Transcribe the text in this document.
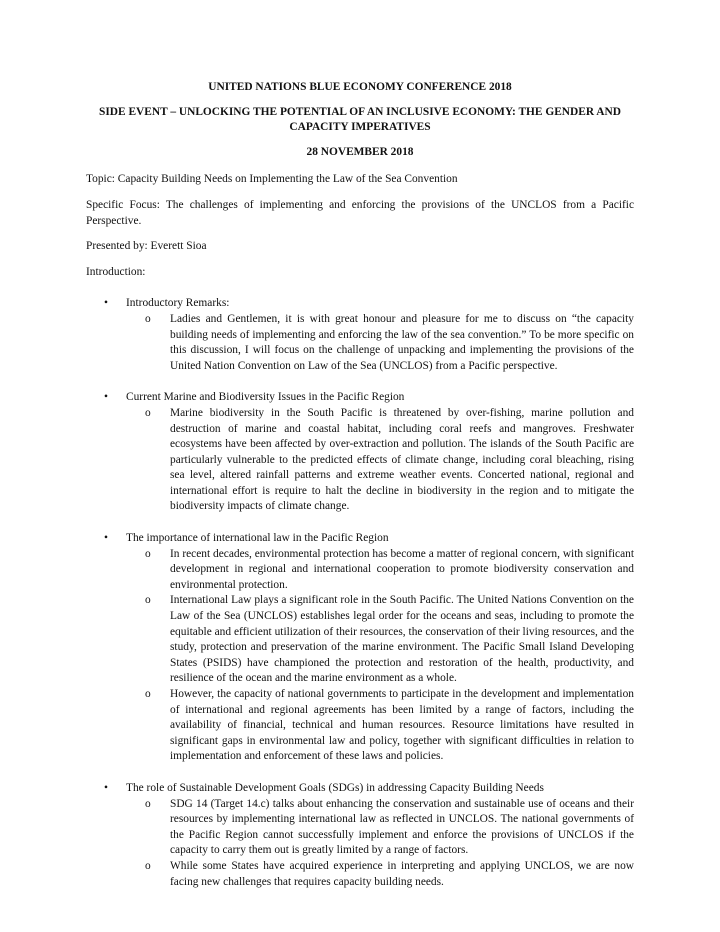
UNITED NATIONS BLUE ECONOMY CONFERENCE 2018
SIDE EVENT – UNLOCKING THE POTENTIAL OF AN INCLUSIVE ECONOMY: THE GENDER AND CAPACITY IMPERATIVES
28 NOVEMBER 2018
Topic: Capacity Building Needs on Implementing the Law of the Sea Convention
Specific Focus: The challenges of implementing and enforcing the provisions of the UNCLOS from a Pacific Perspective.
Presented by: Everett Sioa
Introduction:
• Introductory Remarks:
o Ladies and Gentlemen, it is with great honour and pleasure for me to discuss on “the capacity building needs of implementing and enforcing the law of the sea convention.” To be more specific on this discussion, I will focus on the challenge of unpacking and implementing the provisions of the United Nation Convention on Law of the Sea (UNCLOS) from a Pacific perspective.
• Current Marine and Biodiversity Issues in the Pacific Region
o Marine biodiversity in the South Pacific is threatened by over-fishing, marine pollution and destruction of marine and coastal habitat, including coral reefs and mangroves. Freshwater ecosystems have been affected by over-extraction and pollution. The islands of the South Pacific are particularly vulnerable to the predicted effects of climate change, including coral bleaching, rising sea level, altered rainfall patterns and extreme weather events. Concerted national, regional and international effort is require to halt the decline in biodiversity in the region and to mitigate the biodiversity impacts of climate change.
• The importance of international law in the Pacific Region
o In recent decades, environmental protection has become a matter of regional concern, with significant development in regional and international cooperation to promote biodiversity conservation and environmental protection.
o International Law plays a significant role in the South Pacific. The United Nations Convention on the Law of the Sea (UNCLOS) establishes legal order for the oceans and seas, including to promote the equitable and efficient utilization of their resources, the conservation of their living resources, and the study, protection and preservation of the marine environment. The Pacific Small Island Developing States (PSIDS) have championed the protection and restoration of the health, productivity, and resilience of the ocean and the marine environment as a whole.
o However, the capacity of national governments to participate in the development and implementation of international and regional agreements has been limited by a range of factors, including the availability of financial, technical and human resources. Resource limitations have resulted in significant gaps in environmental law and policy, together with significant difficulties in relation to implementation and enforcement of these laws and policies.
• The role of Sustainable Development Goals (SDGs) in addressing Capacity Building Needs
o SDG 14 (Target 14.c) talks about enhancing the conservation and sustainable use of oceans and their resources by implementing international law as reflected in UNCLOS. The national governments of the Pacific Region cannot successfully implement and enforce the provisions of UNCLOS if the capacity to carry them out is greatly limited by a range of factors.
o While some States have acquired experience in interpreting and applying UNCLOS, we are now facing new challenges that requires capacity building needs.
